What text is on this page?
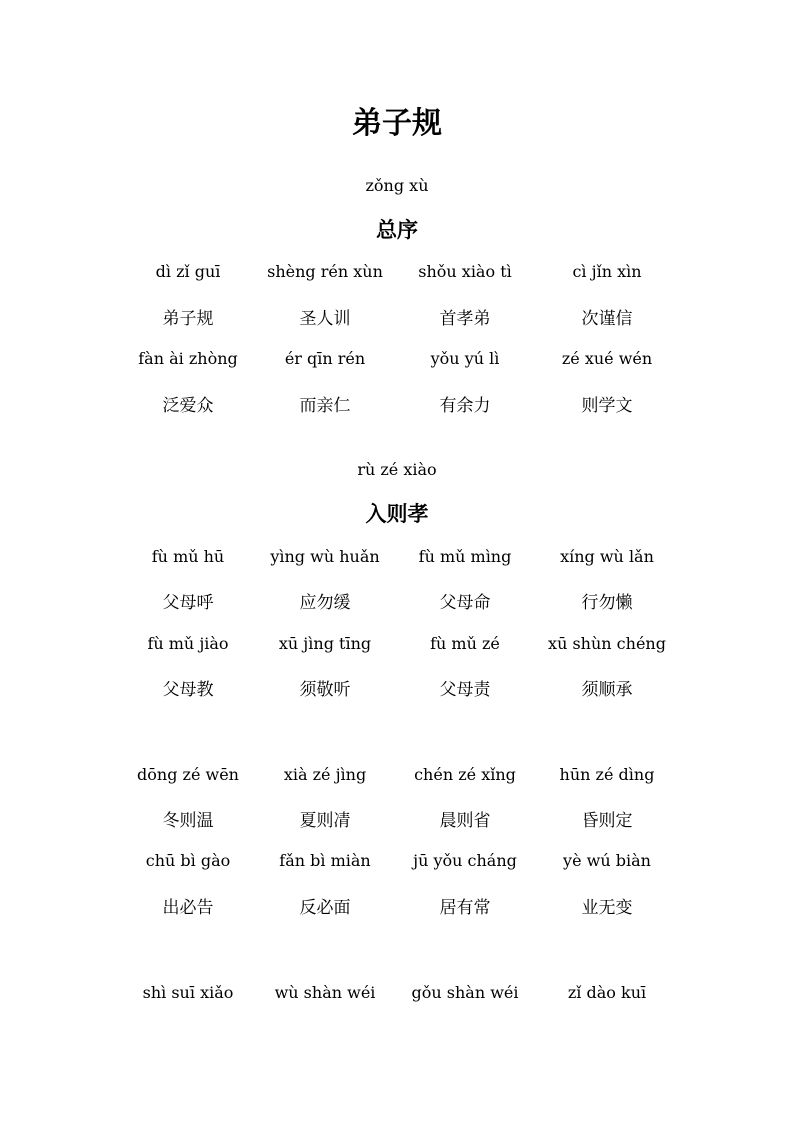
弟子规
zǒng xù
总序
dì zǐ guī	shèng rén xùn	shǒu xiào tì	cì jǐn xìn
弟子规	圣人训	首孝弟	次谨信
fàn ài zhòng	ér qīn rén	yǒu yú lì	zé xué wén
泛爱众	而亲仁	有余力	则学文
rù zé xiào
入则孝
fù mǔ hū	yìng wù huǎn	fù mǔ mìng	xíng wù lǎn
父母呼	应勿缓	父母命	行勿懒
fù mǔ jiào	xū jìng tīng	fù mǔ zé	xū shùn chéng
父母教	须敬听	父母责	须顺承
dōng zé wēn	xià zé jìng	chén zé xǐng	hūn zé dìng
冬则温	夏则凊	晨则省	昏则定
chū bì gào	fǎn bì miàn	jū yǒu cháng	yè wú biàn
出必告	反必面	居有常	业无变
shì suī xiǎo	wù shàn wéi	gǒu shàn wéi	zǐ dào kuī
